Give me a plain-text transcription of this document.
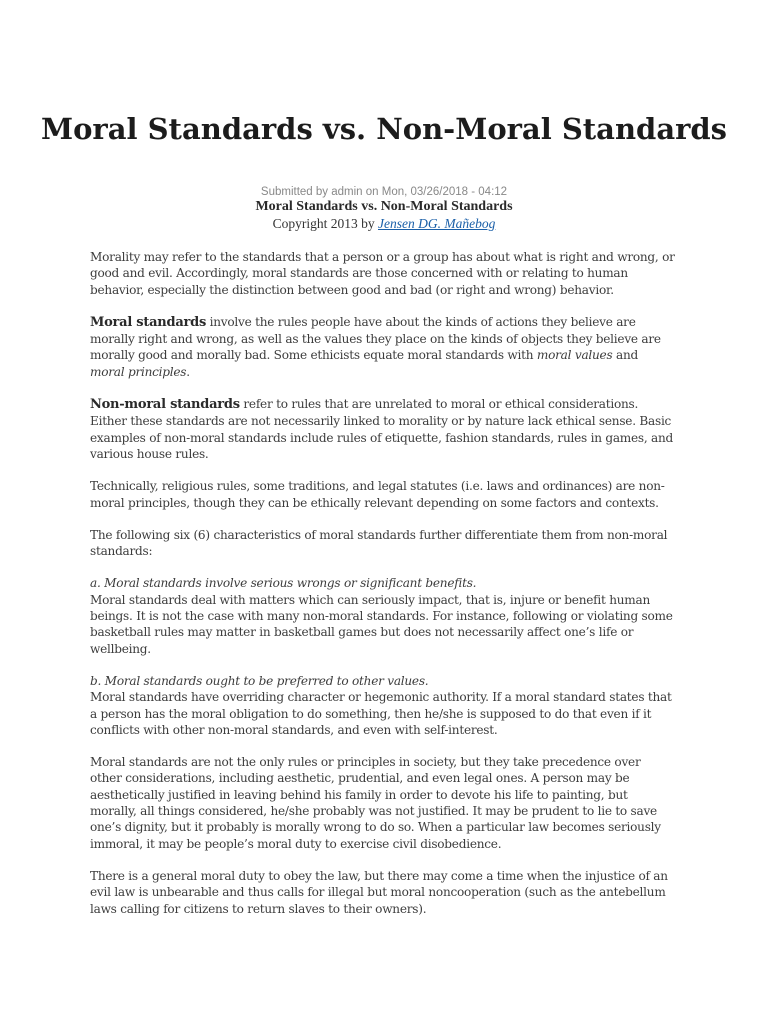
Moral Standards vs. Non-Moral Standards
Submitted by admin on Mon, 03/26/2018 - 04:12
Moral Standards vs. Non-Moral Standards
Copyright 2013 by Jensen DG. Mañebog

Morality may refer to the standards that a person or a group has about what is right and wrong, or good and evil. Accordingly, moral standards are those concerned with or relating to human behavior, especially the distinction between good and bad (or right and wrong) behavior.

Moral standards involve the rules people have about the kinds of actions they believe are morally right and wrong, as well as the values they place on the kinds of objects they believe are morally good and morally bad. Some ethicists equate moral standards with moral values and moral principles.

Non-moral standards refer to rules that are unrelated to moral or ethical considerations. Either these standards are not necessarily linked to morality or by nature lack ethical sense. Basic examples of non-moral standards include rules of etiquette, fashion standards, rules in games, and various house rules.

Technically, religious rules, some traditions, and legal statutes (i.e. laws and ordinances) are non-moral principles, though they can be ethically relevant depending on some factors and contexts.

The following six (6) characteristics of moral standards further differentiate them from non-moral standards:

a. Moral standards involve serious wrongs or significant benefits.
Moral standards deal with matters which can seriously impact, that is, injure or benefit human beings. It is not the case with many non-moral standards. For instance, following or violating some basketball rules may matter in basketball games but does not necessarily affect one’s life or wellbeing.

b. Moral standards ought to be preferred to other values.
Moral standards have overriding character or hegemonic authority. If a moral standard states that a person has the moral obligation to do something, then he/she is supposed to do that even if it conflicts with other non-moral standards, and even with self-interest.

Moral standards are not the only rules or principles in society, but they take precedence over other considerations, including aesthetic, prudential, and even legal ones. A person may be aesthetically justified in leaving behind his family in order to devote his life to painting, but morally, all things considered, he/she probably was not justified. It may be prudent to lie to save one’s dignity, but it probably is morally wrong to do so. When a particular law becomes seriously immoral, it may be people’s moral duty to exercise civil disobedience.

There is a general moral duty to obey the law, but there may come a time when the injustice of an evil law is unbearable and thus calls for illegal but moral noncooperation (such as the antebellum laws calling for citizens to return slaves to their owners).
